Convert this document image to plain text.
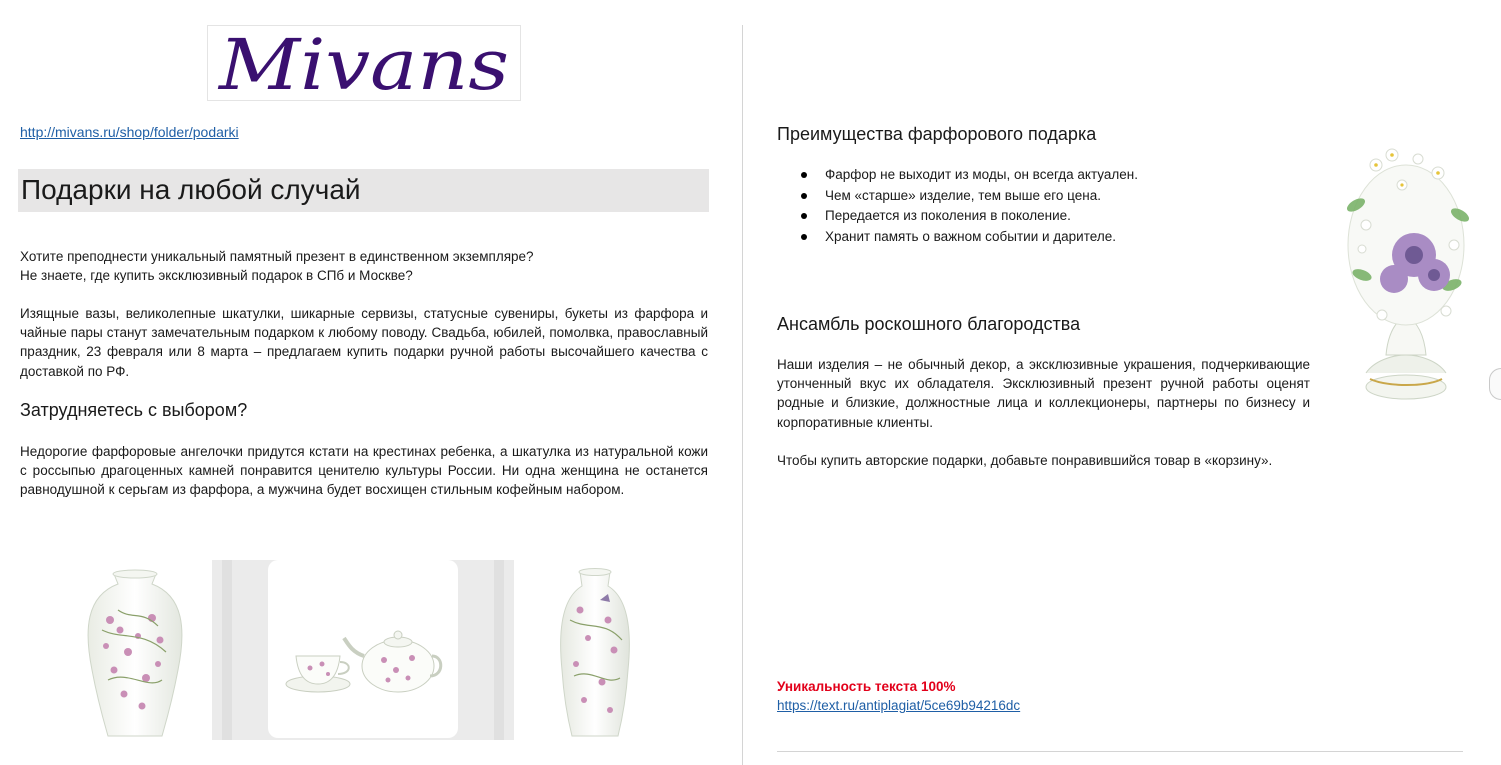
Mivans
http://mivans.ru/shop/folder/podarki
Подарки на любой случай

Хотите преподнести уникальный памятный презент в единственном экземпляре?
Не знаете, где купить эксклюзивный подарок в СПб и Москве?

Изящные вазы, великолепные шкатулки, шикарные сервизы, статусные сувениры, букеты из фарфора и чайные пары станут замечательным подарком к любому поводу. Свадьба, юбилей, помолвка, православный праздник, 23 февраля или 8 марта – предлагаем купить подарки ручной работы высочайшего качества с доставкой по РФ.

Затрудняетесь с выбором?

Недорогие фарфоровые ангелочки придутся кстати на крестинах ребенка, а шкатулка из натуральной кожи с россыпью драгоценных камней понравится ценителю культуры России. Ни одна женщина не останется равнодушной к серьгам из фарфора, а мужчина будет восхищен стильным кофейным набором.

Преимущества фарфорового подарка
Фарфор не выходит из моды, он всегда актуален.
Чем «старше» изделие, тем выше его цена.
Передается из поколения в поколение.
Хранит память о важном событии и дарителе.
Ансамбль роскошного благородства

Наши изделия – не обычный декор, а эксклюзивные украшения, подчеркивающие утонченный вкус их обладателя. Эксклюзивный презент ручной работы оценят родные и близкие, должностные лица и коллекционеры, партнеры по бизнесу и корпоративные клиенты.

Чтобы купить авторские подарки, добавьте понравившийся товар в «корзину».

Уникальность текста 100%
https://text.ru/antiplagiat/5ce69b94216dc
